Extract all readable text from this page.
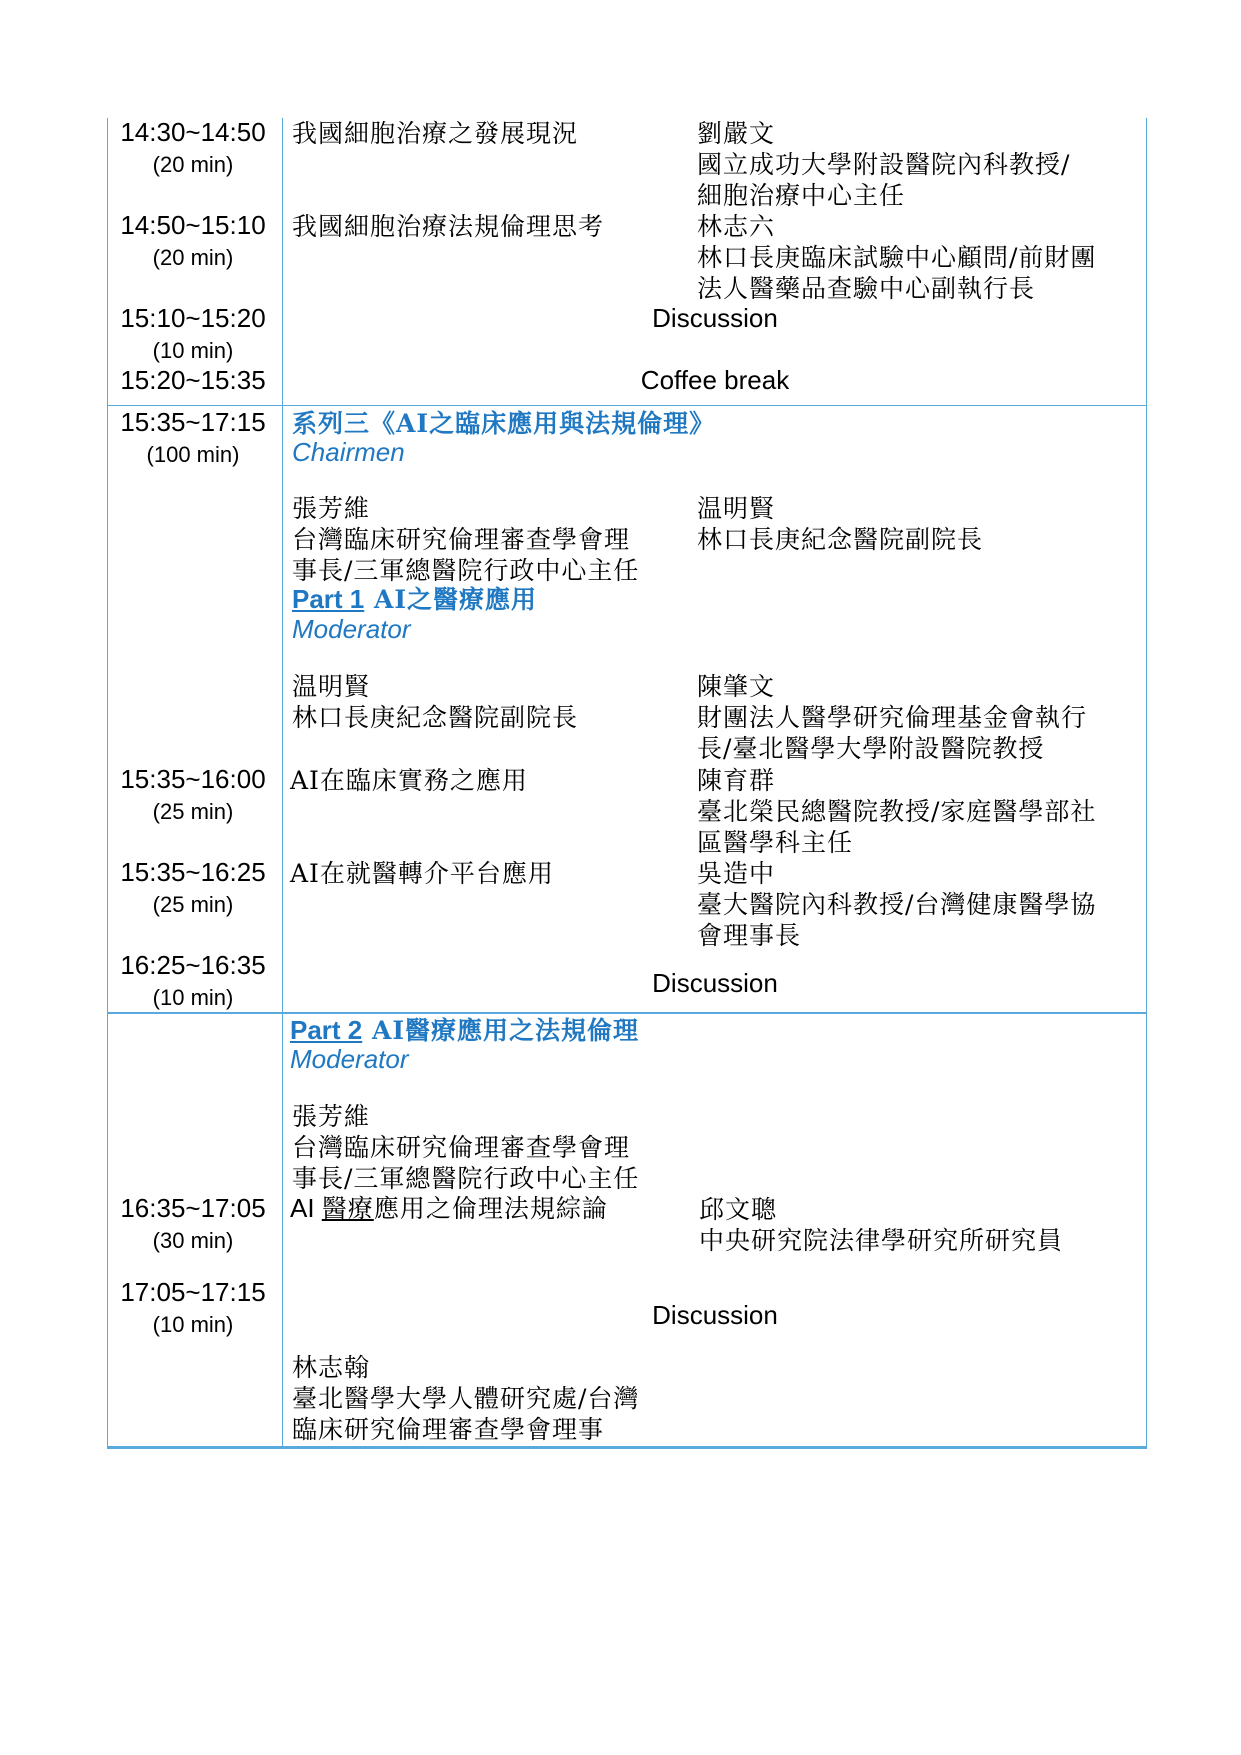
14:30~14:50
(20 min)
我國細胞治療之發展現況	劉嚴文
國立成功大學附設醫院內科教授/
細胞治療中心主任
14:50~15:10
(20 min)
我國細胞治療法規倫理思考	林志六
林口長庚臨床試驗中心顧問/前財團
法人醫藥品查驗中心副執行長
15:10~15:20
(10 min)
Discussion
15:20~15:35	Coffee break
15:35~17:15
(100 min)
系列三《AI之臨床應用與法規倫理》
Chairmen
張芳維
台灣臨床研究倫理審查學會理
事長/三軍總醫院行政中心主任
温明賢
林口長庚紀念醫院副院長
Part 1 AI之醫療應用
Moderator
温明賢
林口長庚紀念醫院副院長
陳肇文
財團法人醫學研究倫理基金會執行
長/臺北醫學大學附設醫院教授
15:35~16:00
(25 min)
AI在臨床實務之應用	陳育群
臺北榮民總醫院教授/家庭醫學部社
區醫學科主任
15:35~16:25
(25 min)
AI在就醫轉介平台應用	吳造中
臺大醫院內科教授/台灣健康醫學協
會理事長
16:25~16:35
(10 min)	Discussion
Part 2 AI醫療應用之法規倫理
Moderator
張芳維
台灣臨床研究倫理審查學會理
事長/三軍總醫院行政中心主任
16:35~17:05
(30 min)
AI 醫療應用之倫理法規綜論	邱文聰
中央研究院法律學研究所研究員
17:05~17:15
(10 min)	Discussion
林志翰
臺北醫學大學人體研究處/台灣
臨床研究倫理審查學會理事
